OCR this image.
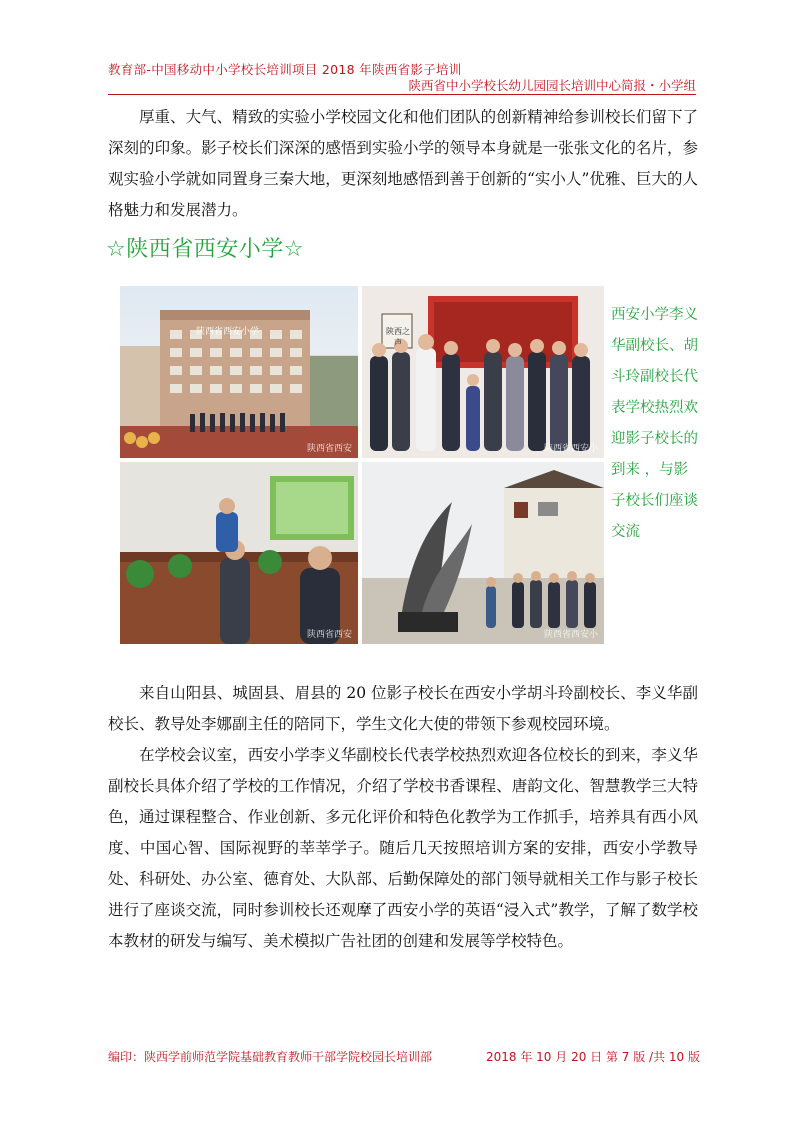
教育部-中国移动中小学校长培训项目 2018 年陕西省影子培训
陕西省中小学校长幼儿园园长培训中心简报・小学组

厚重、大气、精致的实验小学校园文化和他们团队的创新精神给参训校长们留下了深刻的印象。影子校长们深深的感悟到实验小学的领导本身就是一张张文化的名片，参观实验小学就如同置身三秦大地，更深刻地感悟到善于创新的“实小人”优雅、巨大的人格魅力和发展潜力。

☆陕西省西安小学☆
陕西省西安小学
陕西省西安
陕西之声
陕西省西安小
陕西省西安	陕西省西安小

西安小学李义华副校长、胡斗玲副校长代表学校热烈欢迎影子校长的到来 ，与影子校长们座谈交流

来自山阳县、城固县、眉县的 20 位影子校长在西安小学胡斗玲副校长、李义华副校长、教导处李娜副主任的陪同下，学生文化大使的带领下参观校园环境。

在学校会议室，西安小学李义华副校长代表学校热烈欢迎各位校长的到来，李义华副校长具体介绍了学校的工作情况，介绍了学校书香课程、唐韵文化、智慧教学三大特色，通过课程整合、作业创新、多元化评价和特色化教学为工作抓手，培养具有西小风度、中国心智、国际视野的莘莘学子。随后几天按照培训方案的安排，西安小学教导处、科研处、办公室、德育处、大队部、后勤保障处的部门领导就相关工作与影子校长进行了座谈交流，同时参训校长还观摩了西安小学的英语“浸入式”教学，了解了数学校本教材的研发与编写、美术模拟广告社团的创建和发展等学校特色。

编印：陕西学前师范学院基础教育教师干部学院校园长培训部	2018 年 10 月 20 日 第 7 版 /共 10 版
